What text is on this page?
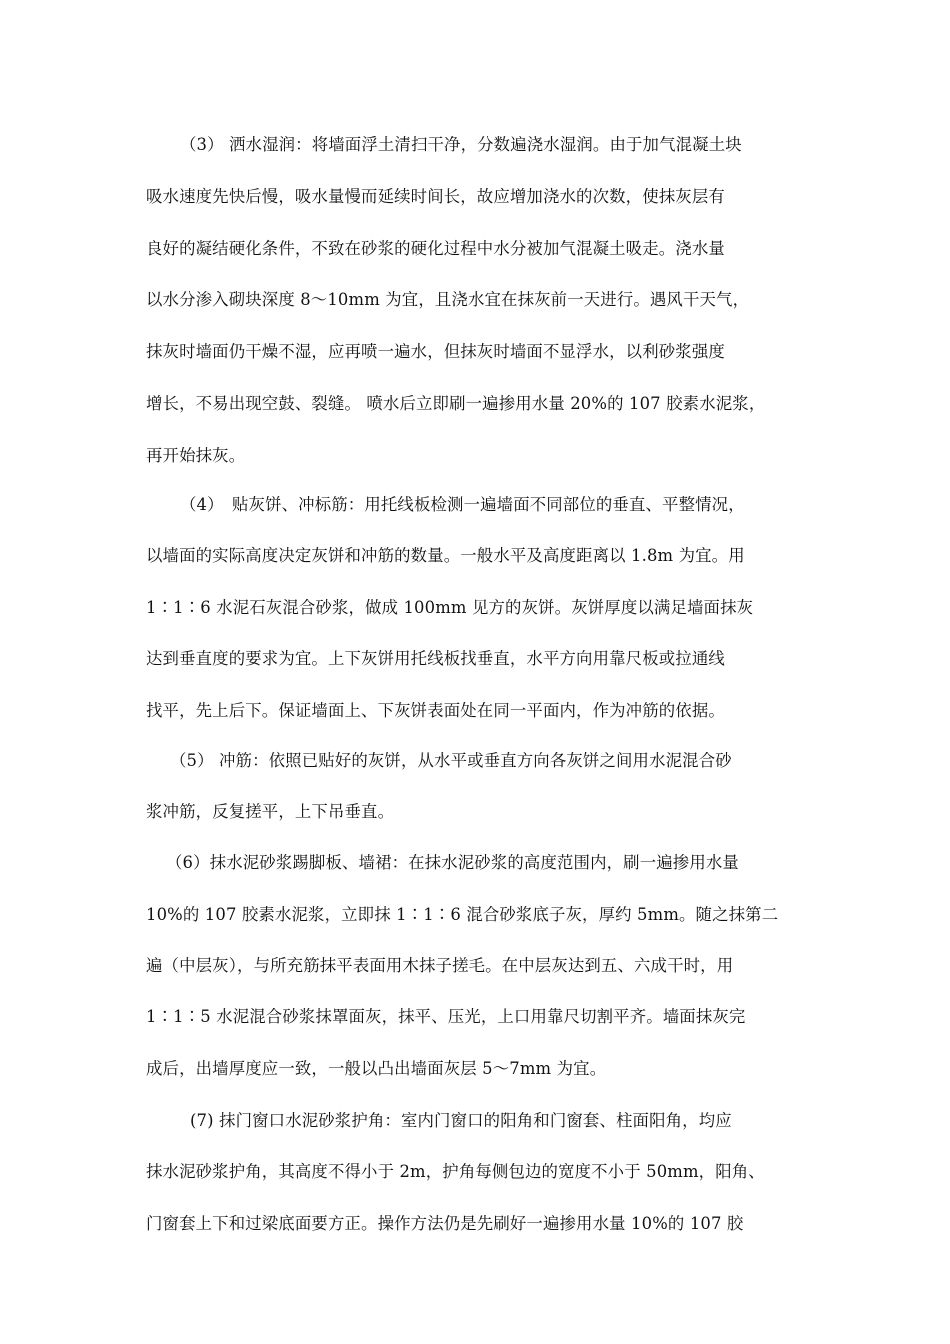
（3） 洒水湿润：将墙面浮土清扫干净，分数遍浇水湿润。由于加气混凝土块
吸水速度先快后慢，吸水量慢而延续时间长，故应增加浇水的次数，使抹灰层有
良好的凝结硬化条件，不致在砂浆的硬化过程中水分被加气混凝土吸走。浇水量
以水分渗入砌块深度 8～10mm 为宜，且浇水宜在抹灰前一天进行。遇风干天气，
抹灰时墙面仍干燥不湿，应再喷一遍水，但抹灰时墙面不显浮水，以利砂浆强度
增长，不易出现空鼓、裂缝。 喷水后立即刷一遍掺用水量 20%的 107 胶素水泥浆，
再开始抹灰。
（4）　贴灰饼、冲标筋：用托线板检测一遍墙面不同部位的垂直、平整情况，
以墙面的实际高度决定灰饼和冲筋的数量。一般水平及高度距离以 1.8m 为宜。用
1∶1∶6 水泥石灰混合砂浆，做成 100mm 见方的灰饼。灰饼厚度以满足墙面抹灰
达到垂直度的要求为宜。上下灰饼用托线板找垂直，水平方向用靠尺板或拉通线
找平，先上后下。保证墙面上、下灰饼表面处在同一平面内，作为冲筋的依据。
（5） 冲筋：依照已贴好的灰饼，从水平或垂直方向各灰饼之间用水泥混合砂
浆冲筋，反复搓平，上下吊垂直。
（6）抹水泥砂浆踢脚板、墙裙：在抹水泥砂浆的高度范围内，刷一遍掺用水量
10%的 107 胶素水泥浆，立即抹 1∶1∶6 混合砂浆底子灰，厚约 5mm。随之抹第二
遍（中层灰），与所充筋抹平表面用木抹子搓毛。在中层灰达到五、六成干时，用
1∶1∶5 水泥混合砂浆抹罩面灰，抹平、压光，上口用靠尺切割平齐。墙面抹灰完
成后，出墙厚度应一致，一般以凸出墙面灰层 5～7mm 为宜。
(7) 抹门窗口水泥砂浆护角：室内门窗口的阳角和门窗套、柱面阳角，均应
抹水泥砂浆护角，其高度不得小于 2m，护角每侧包边的宽度不小于 50mm，阳角、
门窗套上下和过梁底面要方正。操作方法仍是先刷好一遍掺用水量 10%的 107 胶
